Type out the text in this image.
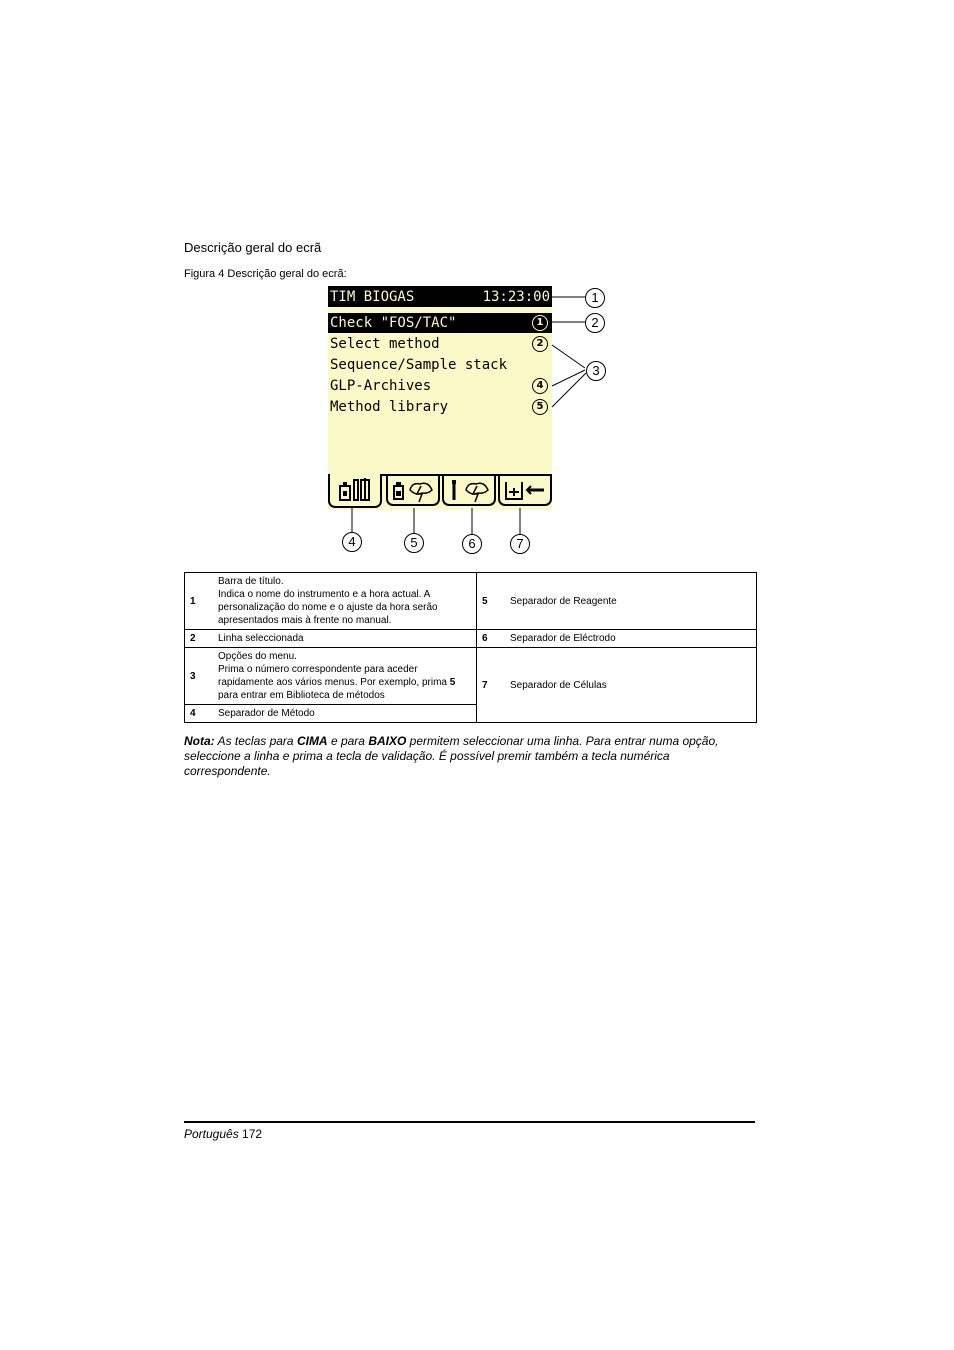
Descrição geral do ecrã
Figura 4 Descrição geral do ecrã:
TIM BIOGAS	13:23:00
Check "FOS/TAC"	1
Select method	2
Sequence/Sample stack
GLP-Archives	4
Method library	5
1
2
3
4	5	6	7
1	Barra de título.
Indica o nome do instrumento e a hora actual. A personalização do nome e o ajuste da hora serão apresentados mais à frente no manual.	5	Separador de Reagente
2	Linha seleccionada	6	Separador de Eléctrodo
3	Opções do menu.
Prima o número correspondente para aceder rapidamente aos vários menus. Por exemplo, prima 5 para entrar em Biblioteca de métodos	7	Separador de Células
4	Separador de Método		
Nota: As teclas para CIMA e para BAIXO permitem seleccionar uma linha. Para entrar numa opção, seleccione a linha e prima a tecla de validação. É possível premir também a tecla numérica correspondente.
Português 172
